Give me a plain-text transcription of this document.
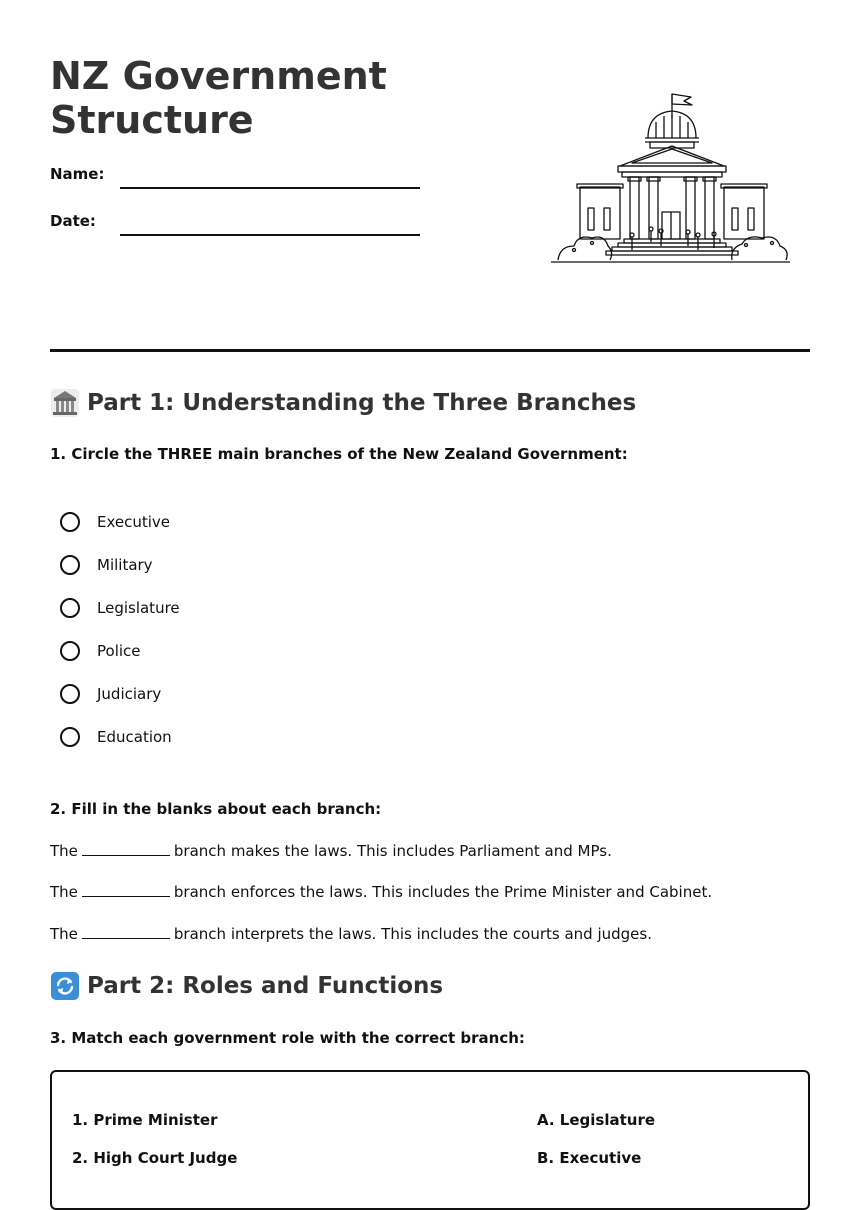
NZ Government
Structure
Name:
Date:
Part 1: Understanding the Three Branches
1. Circle the THREE main branches of the New Zealand Government:
Executive
Military
Legislature
Police
Judiciary
Education
2. Fill in the blanks about each branch:
The	branch makes the laws. This includes Parliament and MPs.
The	branch enforces the laws. This includes the Prime Minister and Cabinet.
The	branch interprets the laws. This includes the courts and judges.
Part 2: Roles and Functions
3. Match each government role with the correct branch:
1. Prime Minister	A. Legislature
2. High Court Judge	B. Executive
